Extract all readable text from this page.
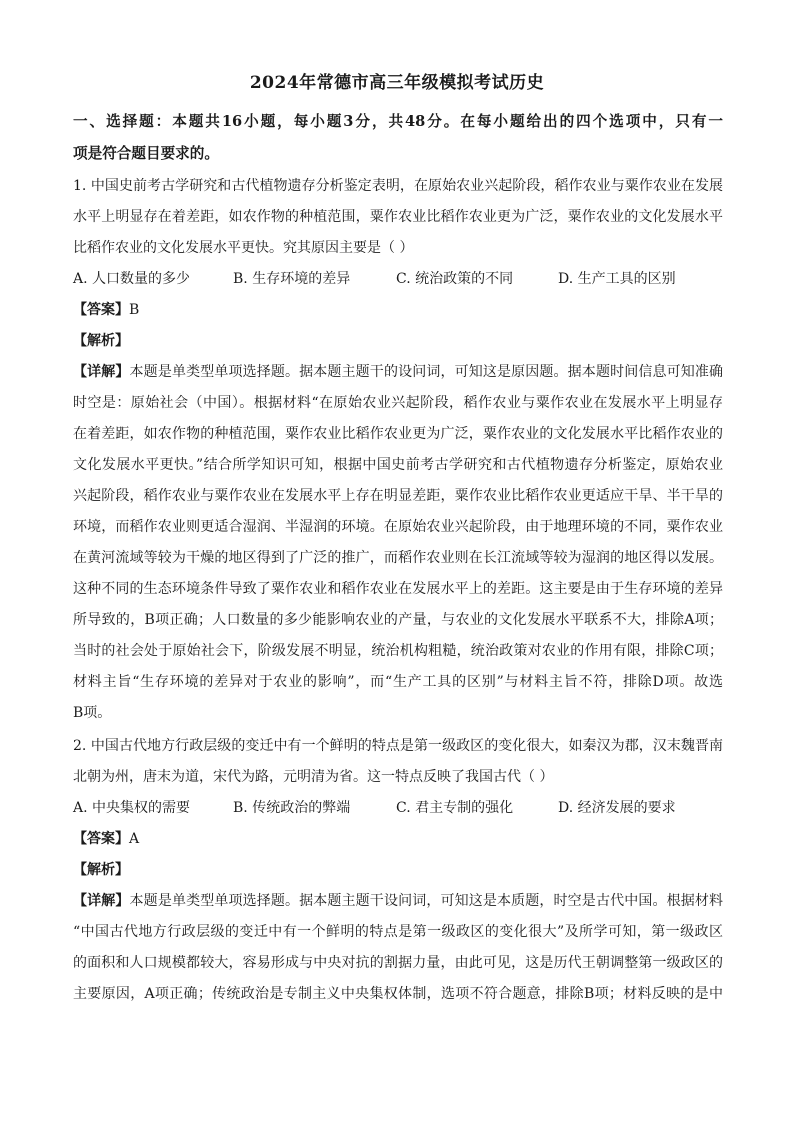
2024年常德市高三年级模拟考试历史
一、选择题：本题共16小题，每小题3分，共48分。在每小题给出的四个选项中，只有一
项是符合题目要求的。
1. 中国史前考古学研究和古代植物遗存分析鉴定表明，在原始农业兴起阶段，稻作农业与粟作农业在发展
水平上明显存在着差距，如农作物的种植范围，粟作农业比稻作农业更为广泛，粟作农业的文化发展水平
比稻作农业的文化发展水平更快。究其原因主要是（ ）
A. 人口数量的多少	B. 生存环境的差异	C. 统治政策的不同	D. 生产工具的区别
【答案】B
【解析】
【详解】本题是单类型单项选择题。据本题主题干的设问词，可知这是原因题。据本题时间信息可知准确
时空是：原始社会（中国）。根据材料“在原始农业兴起阶段，稻作农业与粟作农业在发展水平上明显存
在着差距，如农作物的种植范围，粟作农业比稻作农业更为广泛，粟作农业的文化发展水平比稻作农业的
文化发展水平更快。”结合所学知识可知，根据中国史前考古学研究和古代植物遗存分析鉴定，原始农业
兴起阶段，稻作农业与粟作农业在发展水平上存在明显差距，粟作农业比稻作农业更适应干旱、半干旱的
环境，而稻作农业则更适合湿润、半湿润的环境。在原始农业兴起阶段，由于地理环境的不同，粟作农业
在黄河流域等较为干燥的地区得到了广泛的推广，而稻作农业则在长江流域等较为湿润的地区得以发展。
这种不同的生态环境条件导致了粟作农业和稻作农业在发展水平上的差距。这主要是由于生存环境的差异
所导致的，B项正确；人口数量的多少能影响农业的产量，与农业的文化发展水平联系不大，排除A项；
当时的社会处于原始社会下，阶级发展不明显，统治机构粗糙，统治政策对农业的作用有限，排除C项；
材料主旨“生存环境的差异对于农业的影响”，而“生产工具的区别”与材料主旨不符，排除D项。故选
B项。
2. 中国古代地方行政层级的变迁中有一个鲜明的特点是第一级政区的变化很大，如秦汉为郡，汉末魏晋南
北朝为州，唐末为道，宋代为路，元明清为省。这一特点反映了我国古代（ ）
A. 中央集权的需要	B. 传统政治的弊端	C. 君主专制的强化	D. 经济发展的要求
【答案】A
【解析】
【详解】本题是单类型单项选择题。据本题主题干设问词，可知这是本质题，时空是古代中国。根据材料
“中国古代地方行政层级的变迁中有一个鲜明的特点是第一级政区的变化很大”及所学可知，第一级政区
的面积和人口规模都较大，容易形成与中央对抗的割据力量，由此可见，这是历代王朝调整第一级政区的
主要原因，A项正确；传统政治是专制主义中央集权体制，选项不符合题意，排除B项；材料反映的是中
